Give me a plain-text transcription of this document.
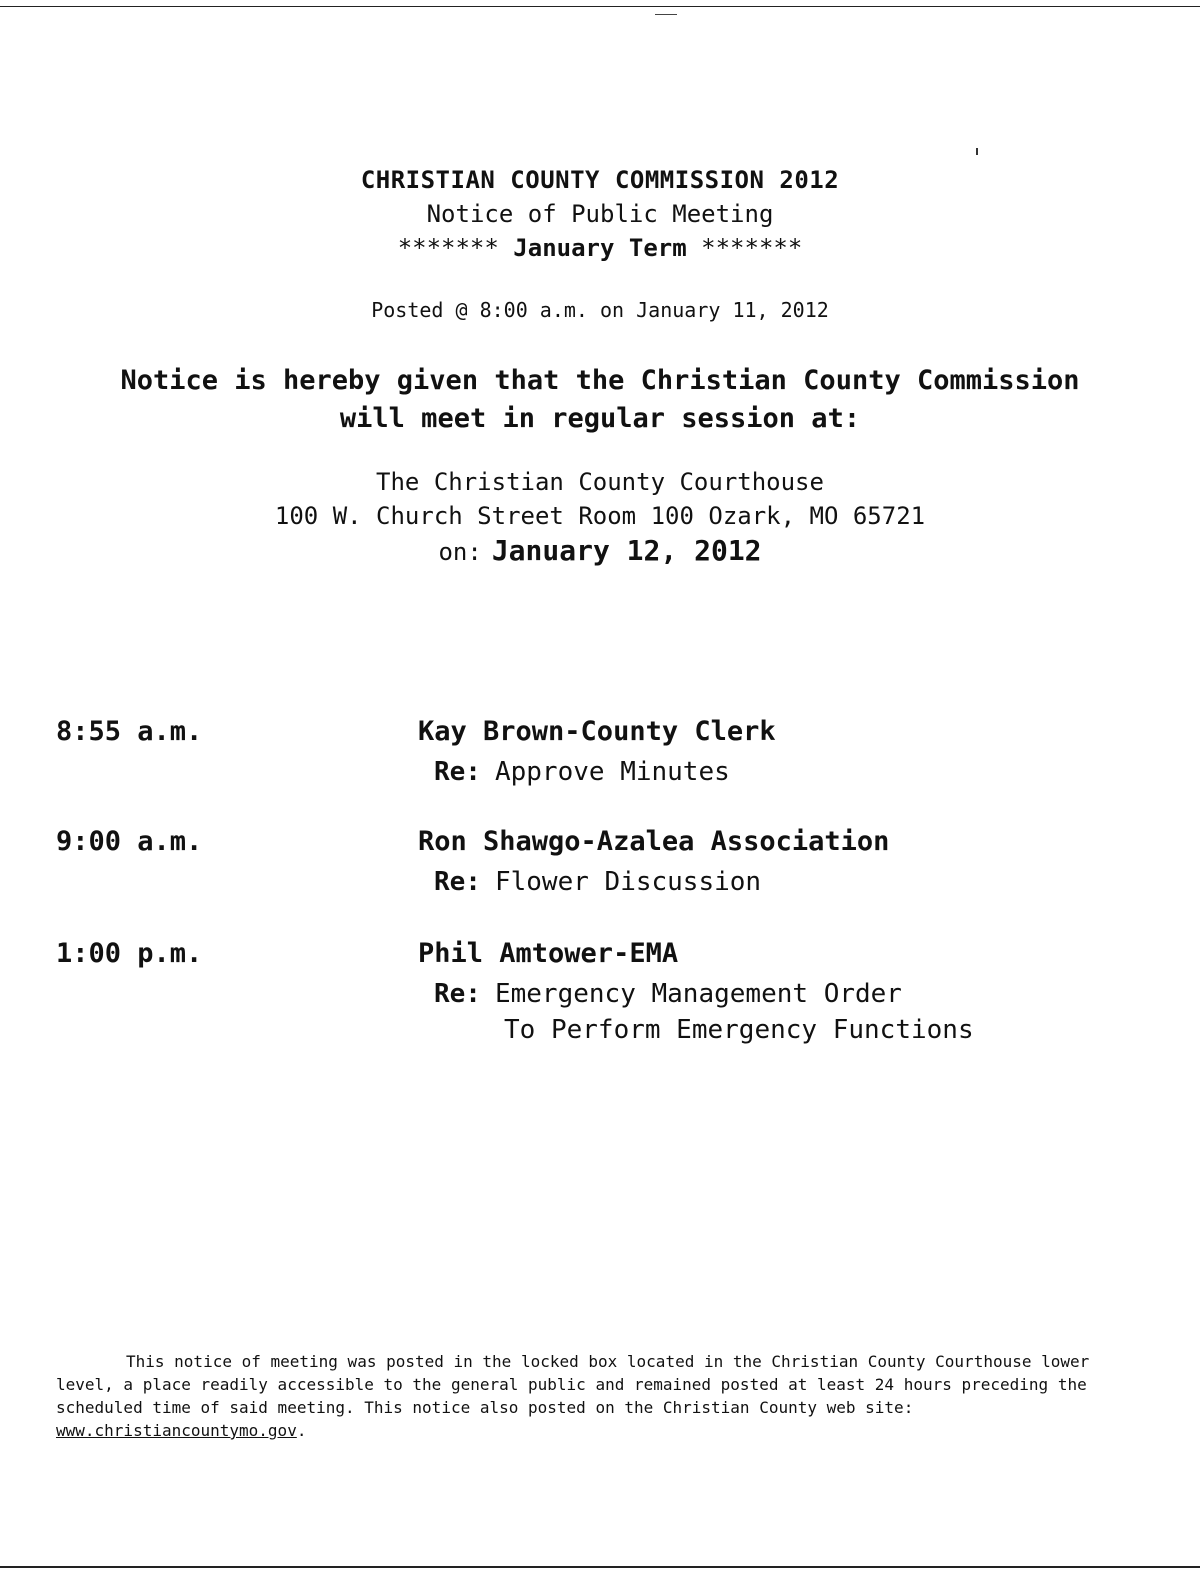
CHRISTIAN COUNTY COMMISSION 2012
Notice of Public Meeting
******* January Term *******
Posted @ 8:00 a.m. on January 11, 2012
Notice is hereby given that the Christian County Commission
will meet in regular session at:
The Christian County Courthouse
100 W. Church Street Room 100 Ozark, MO 65721
on: January 12, 2012
8:55 a.m.	Kay Brown-County Clerk
Re: Approve Minutes
9:00 a.m.	Ron Shawgo-Azalea Association
Re: Flower Discussion
1:00 p.m.	Phil Amtower-EMA
Re: Emergency Management Order
To Perform Emergency Functions
This notice of meeting was posted in the locked box located in the Christian County Courthouse lower level, a place readily accessible to the general public and remained posted at least 24 hours preceding the scheduled time of said meeting. This notice also posted on the Christian County web site: www.christiancountymo.gov.
